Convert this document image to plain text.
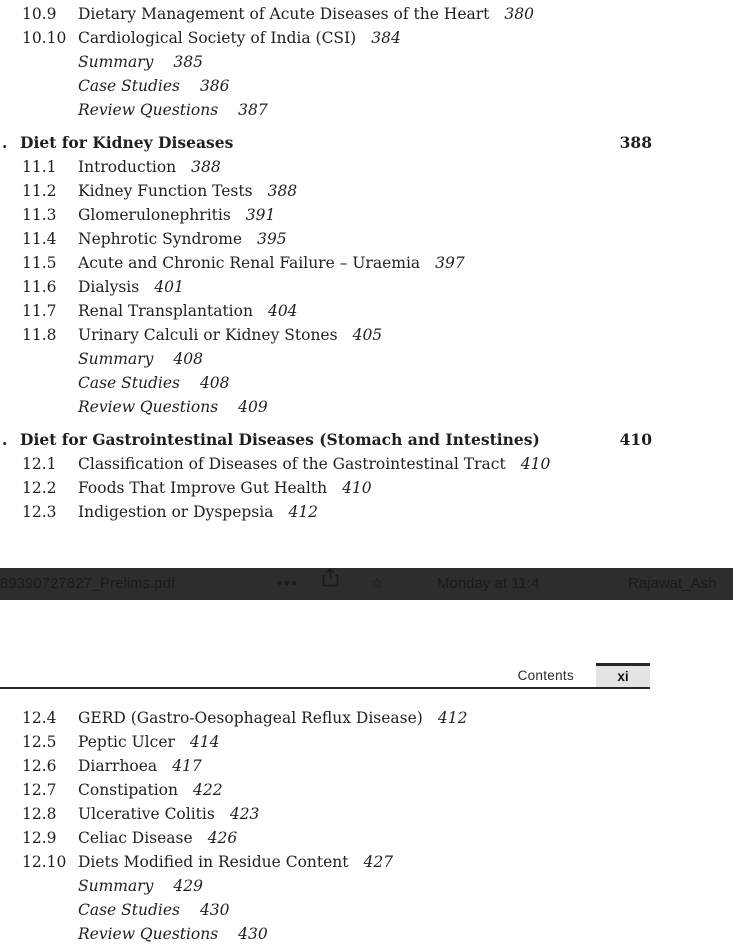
10.9	Dietary Management of Acute Diseases of the Heart 380
10.10 Cardiological Society of India (CSI) 384
Summary 385
Case Studies 386
Review Questions 387
. Diet for Kidney Diseases	388
11.1	Introduction 388
11.2	Kidney Function Tests 388
11.3	Glomerulonephritis 391
11.4	Nephrotic Syndrome 395
11.5	Acute and Chronic Renal Failure – Uraemia 397
11.6	Dialysis 401
11.7	Renal Transplantation 404
11.8	Urinary Calculi or Kidney Stones 405
Summary 408
Case Studies 408
Review Questions 409
. Diet for Gastrointestinal Diseases (Stomach and Intestines)	410
12.1	Classification of Diseases of the Gastrointestinal Tract 410
12.2	Foods That Improve Gut Health 410
12.3	Indigestion or Dyspepsia 412
89390727827_Prelims.pdf	•••	☆	Monday at 11:4	Rajawat_Ash
Contents	xi
12.4	GERD (Gastro-Oesophageal Reflux Disease) 412
12.5	Peptic Ulcer 414
12.6	Diarrhoea 417
12.7	Constipation 422
12.8	Ulcerative Colitis 423
12.9	Celiac Disease 426
12.10 Diets Modified in Residue Content 427
Summary 429
Case Studies 430
Review Questions 430
